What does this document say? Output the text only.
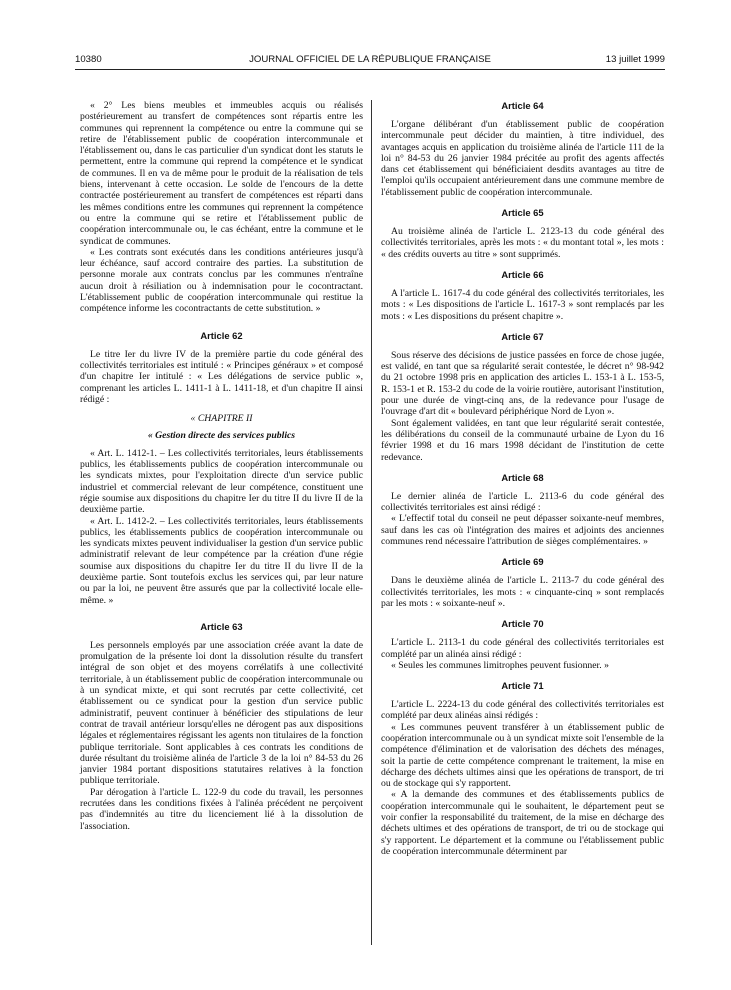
10380	JOURNAL OFFICIEL DE LA RÉPUBLIQUE FRANÇAISE	13 juillet 1999

« 2° Les biens meubles et immeubles acquis ou réalisés postérieurement au transfert de compétences sont répartis entre les communes qui reprennent la compétence ou entre la commune qui se retire de l'établissement public de coopération intercommunale et l'établissement ou, dans le cas particulier d'un syndicat dont les statuts le permettent, entre la commune qui reprend la compétence et le syndicat de communes. Il en va de même pour le produit de la réalisation de tels biens, intervenant à cette occasion. Le solde de l'encours de la dette contractée postérieurement au transfert de compétences est réparti dans les mêmes conditions entre les communes qui reprennent la compétence ou entre la commune qui se retire et l'établissement public de coopération intercommunale ou, le cas échéant, entre la commune et le syndicat de communes.

« Les contrats sont exécutés dans les conditions antérieures jusqu'à leur échéance, sauf accord contraire des parties. La substitution de personne morale aux contrats conclus par les communes n'entraîne aucun droit à résiliation ou à indemnisation pour le cocontractant. L'établissement public de coopération intercommunale qui restitue la compétence informe les cocontractants de cette substitution. »

Article 62

Le titre Ier du livre IV de la première partie du code général des collectivités territoriales est intitulé : « Principes généraux » et composé d'un chapitre Ier intitulé : « Les délégations de service public », comprenant les articles L. 1411-1 à L. 1411-18, et d'un chapitre II ainsi rédigé :

« CHAPITRE II

« Gestion directe des services publics

« Art. L. 1412-1. – Les collectivités territoriales, leurs établissements publics, les établissements publics de coopération intercommunale ou les syndicats mixtes, pour l'exploitation directe d'un service public industriel et commercial relevant de leur compétence, constituent une régie soumise aux dispositions du chapitre Ier du titre II du livre II de la deuxième partie.

« Art. L. 1412-2. – Les collectivités territoriales, leurs établissements publics, les établissements publics de coopération intercommunale ou les syndicats mixtes peuvent individualiser la gestion d'un service public administratif relevant de leur compétence par la création d'une régie soumise aux dispositions du chapitre Ier du titre II du livre II de la deuxième partie. Sont toutefois exclus les services qui, par leur nature ou par la loi, ne peuvent être assurés que par la collectivité locale elle-même. »

Article 63

Les personnels employés par une association créée avant la date de promulgation de la présente loi dont la dissolution résulte du transfert intégral de son objet et des moyens corrélatifs à une collectivité territoriale, à un établissement public de coopération intercommunale ou à un syndicat mixte, et qui sont recrutés par cette collectivité, cet établissement ou ce syndicat pour la gestion d'un service public administratif, peuvent continuer à bénéficier des stipulations de leur contrat de travail antérieur lorsqu'elles ne dérogent pas aux dispositions légales et réglementaires régissant les agents non titulaires de la fonction publique territoriale. Sont applicables à ces contrats les conditions de durée résultant du troisième alinéa de l'article 3 de la loi n° 84-53 du 26 janvier 1984 portant dispositions statutaires relatives à la fonction publique territoriale.

Par dérogation à l'article L. 122-9 du code du travail, les personnes recrutées dans les conditions fixées à l'alinéa précédent ne perçoivent pas d'indemnités au titre du licenciement lié à la dissolution de l'association.

Article 64

L'organe délibérant d'un établissement public de coopération intercommunale peut décider du maintien, à titre individuel, des avantages acquis en application du troisième alinéa de l'article 111 de la loi n° 84-53 du 26 janvier 1984 précitée au profit des agents affectés dans cet établissement qui bénéficiaient desdits avantages au titre de l'emploi qu'ils occupaient antérieurement dans une commune membre de l'établissement public de coopération intercommunale.

Article 65

Au troisième alinéa de l'article L. 2123-13 du code général des collectivités territoriales, après les mots : « du montant total », les mots : « des crédits ouverts au titre » sont supprimés.

Article 66

A l'article L. 1617-4 du code général des collectivités territoriales, les mots : « Les dispositions de l'article L. 1617-3 » sont remplacés par les mots : « Les dispositions du présent chapitre ».

Article 67

Sous réserve des décisions de justice passées en force de chose jugée, est validé, en tant que sa régularité serait contestée, le décret n° 98-942 du 21 octobre 1998 pris en application des articles L. 153-1 à L. 153-5, R. 153-1 et R. 153-2 du code de la voirie routière, autorisant l'institution, pour une durée de vingt-cinq ans, de la redevance pour l'usage de l'ouvrage d'art dit « boulevard périphérique Nord de Lyon ».

Sont également validées, en tant que leur régularité serait contestée, les délibérations du conseil de la communauté urbaine de Lyon du 16 février 1998 et du 16 mars 1998 décidant de l'institution de cette redevance.

Article 68

Le dernier alinéa de l'article L. 2113-6 du code général des collectivités territoriales est ainsi rédigé :

« L'effectif total du conseil ne peut dépasser soixante-neuf membres, sauf dans les cas où l'intégration des maires et adjoints des anciennes communes rend nécessaire l'attribution de sièges complémentaires. »

Article 69

Dans le deuxième alinéa de l'article L. 2113-7 du code général des collectivités territoriales, les mots : « cinquante-cinq » sont remplacés par les mots : « soixante-neuf ».

Article 70

L'article L. 2113-1 du code général des collectivités territoriales est complété par un alinéa ainsi rédigé :

« Seules les communes limitrophes peuvent fusionner. »

Article 71

L'article L. 2224-13 du code général des collectivités territoriales est complété par deux alinéas ainsi rédigés :

« Les communes peuvent transférer à un établissement public de coopération intercommunale ou à un syndicat mixte soit l'ensemble de la compétence d'élimination et de valorisation des déchets des ménages, soit la partie de cette compétence comprenant le traitement, la mise en décharge des déchets ultimes ainsi que les opérations de transport, de tri ou de stockage qui s'y rapportent.

« A la demande des communes et des établissements publics de coopération intercommunale qui le souhaitent, le département peut se voir confier la responsabilité du traitement, de la mise en décharge des déchets ultimes et des opérations de transport, de tri ou de stockage qui s'y rapportent. Le département et la commune ou l'établissement public de coopération intercommunale déterminent par
